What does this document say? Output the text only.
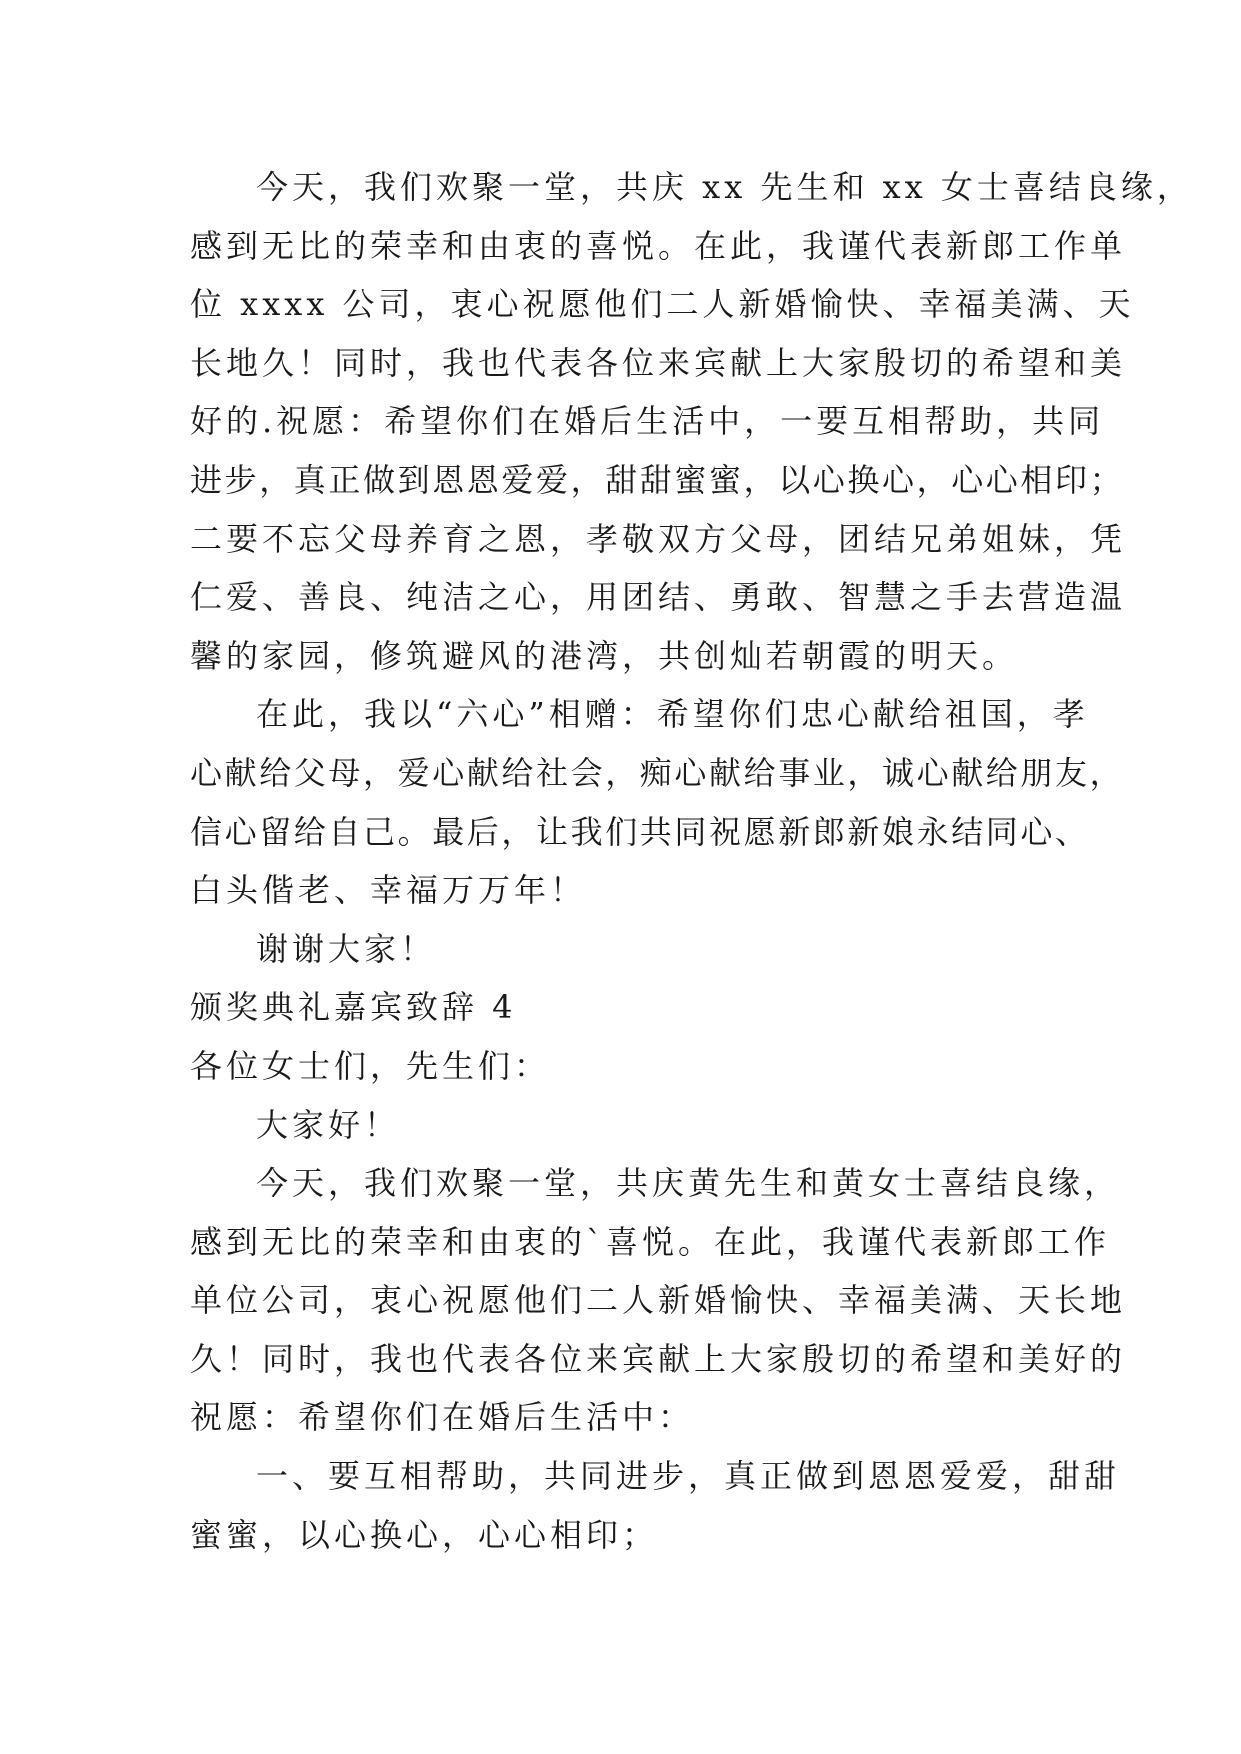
今天，我们欢聚一堂，共庆 xx 先生和 xx 女士喜结良缘，
感到无比的荣幸和由衷的喜悦。在此，我谨代表新郎工作单
位 xxxx 公司，衷心祝愿他们二人新婚愉快、幸福美满、天
长地久！同时，我也代表各位来宾献上大家殷切的希望和美
好的.祝愿：希望你们在婚后生活中，一要互相帮助，共同
进步，真正做到恩恩爱爱，甜甜蜜蜜，以心换心，心心相印；
二要不忘父母养育之恩，孝敬双方父母，团结兄弟姐妹，凭
仁爱、善良、纯洁之心，用团结、勇敢、智慧之手去营造温
馨的家园，修筑避风的港湾，共创灿若朝霞的明天。
在此，我以“六心”相赠：希望你们忠心献给祖国，孝
心献给父母，爱心献给社会，痴心献给事业，诚心献给朋友，
信心留给自己。最后，让我们共同祝愿新郎新娘永结同心、
白头偕老、幸福万万年！
谢谢大家！
颁奖典礼嘉宾致辞 4
各位女士们，先生们：
大家好！
今天，我们欢聚一堂，共庆黄先生和黄女士喜结良缘，
感到无比的荣幸和由衷的`喜悦。在此，我谨代表新郎工作
单位公司，衷心祝愿他们二人新婚愉快、幸福美满、天长地
久！同时，我也代表各位来宾献上大家殷切的希望和美好的
祝愿：希望你们在婚后生活中：
一、要互相帮助，共同进步，真正做到恩恩爱爱，甜甜
蜜蜜，以心换心，心心相印；
